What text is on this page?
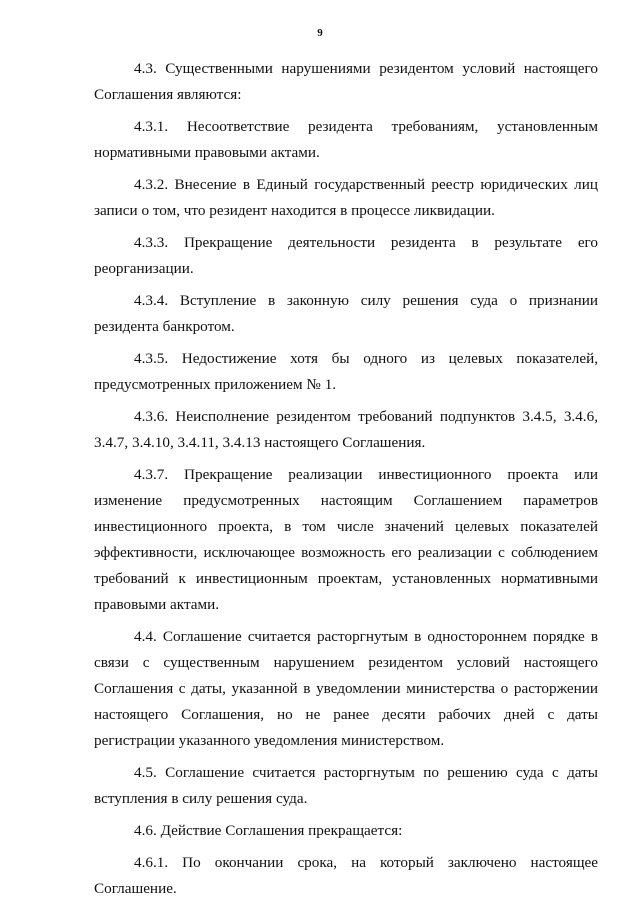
9

4.3. Существенными нарушениями резидентом условий настоящего Соглашения являются:

4.3.1. Несоответствие резидента требованиям, установленным нормативными правовыми актами.

4.3.2. Внесение в Единый государственный реестр юридических лиц записи о том, что резидент находится в процессе ликвидации.

4.3.3. Прекращение деятельности резидента в результате его реорганизации.

4.3.4. Вступление в законную силу решения суда о признании резидента банкротом.

4.3.5. Недостижение хотя бы одного из целевых показателей, предусмотренных приложением № 1.

4.3.6. Неисполнение резидентом требований подпунктов 3.4.5, 3.4.6, 3.4.7, 3.4.10, 3.4.11, 3.4.13 настоящего Соглашения.

4.3.7. Прекращение реализации инвестиционного проекта или изменение предусмотренных настоящим Соглашением параметров инвестиционного проекта, в том числе значений целевых показателей эффективности, исключающее возможность его реализации с соблюдением требований к инвестиционным проектам, установленных нормативными правовыми актами.

4.4. Соглашение считается расторгнутым в одностороннем порядке в связи с существенным нарушением резидентом условий настоящего Соглашения с даты, указанной в уведомлении министерства о расторжении настоящего Соглашения, но не ранее десяти рабочих дней с даты регистрации указанного уведомления министерством.

4.5. Соглашение считается расторгнутым по решению суда с даты вступления в силу решения суда.

4.6. Действие Соглашения прекращается:

4.6.1. По окончании срока, на который заключено настоящее Соглашение.
